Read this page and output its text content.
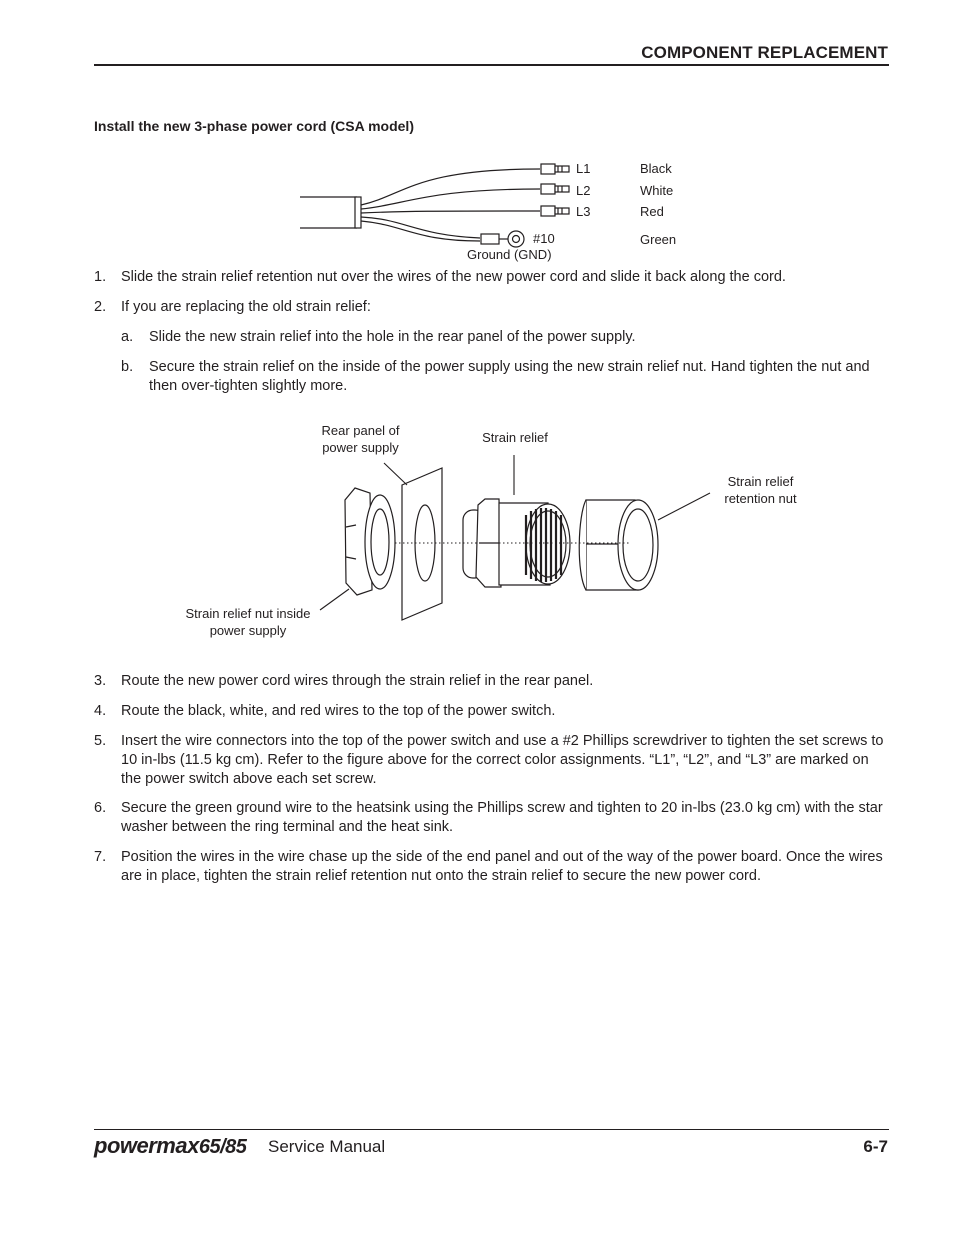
COMPONENT REPLACEMENT
Install the new 3-phase power cord (CSA model)
L1
L2
L3
#10
Ground (GND)
Black
White
Red
Green
1. Slide the strain relief retention nut over the wires of the new power cord and slide it back along the cord.
2. If you are replacing the old strain relief:
a. Slide the new strain relief into the hole in the rear panel of the power supply.
b. Secure the strain relief on the inside of the power supply using the new strain relief nut. Hand tighten the nut and then over-tighten slightly more.
Rear panel of power supply
Strain relief
Strain relief retention nut
Strain relief nut inside power supply
3. Route the new power cord wires through the strain relief in the rear panel.
4. Route the black, white, and red wires to the top of the power switch.
5. Insert the wire connectors into the top of the power switch and use a #2 Phillips screwdriver to tighten the set screws to 10 in-lbs (11.5 kg cm). Refer to the figure above for the correct color assignments. “L1”, “L2”, and “L3” are marked on the power switch above each set screw.
6. Secure the green ground wire to the heatsink using the Phillips screw and tighten to 20 in-lbs (23.0 kg cm) with the star washer between the ring terminal and the heat sink.
7. Position the wires in the wire chase up the side of the end panel and out of the way of the power board. Once the wires are in place, tighten the strain relief retention nut onto the strain relief to secure the new power cord.
powermax65/85 Service Manual	6-7
